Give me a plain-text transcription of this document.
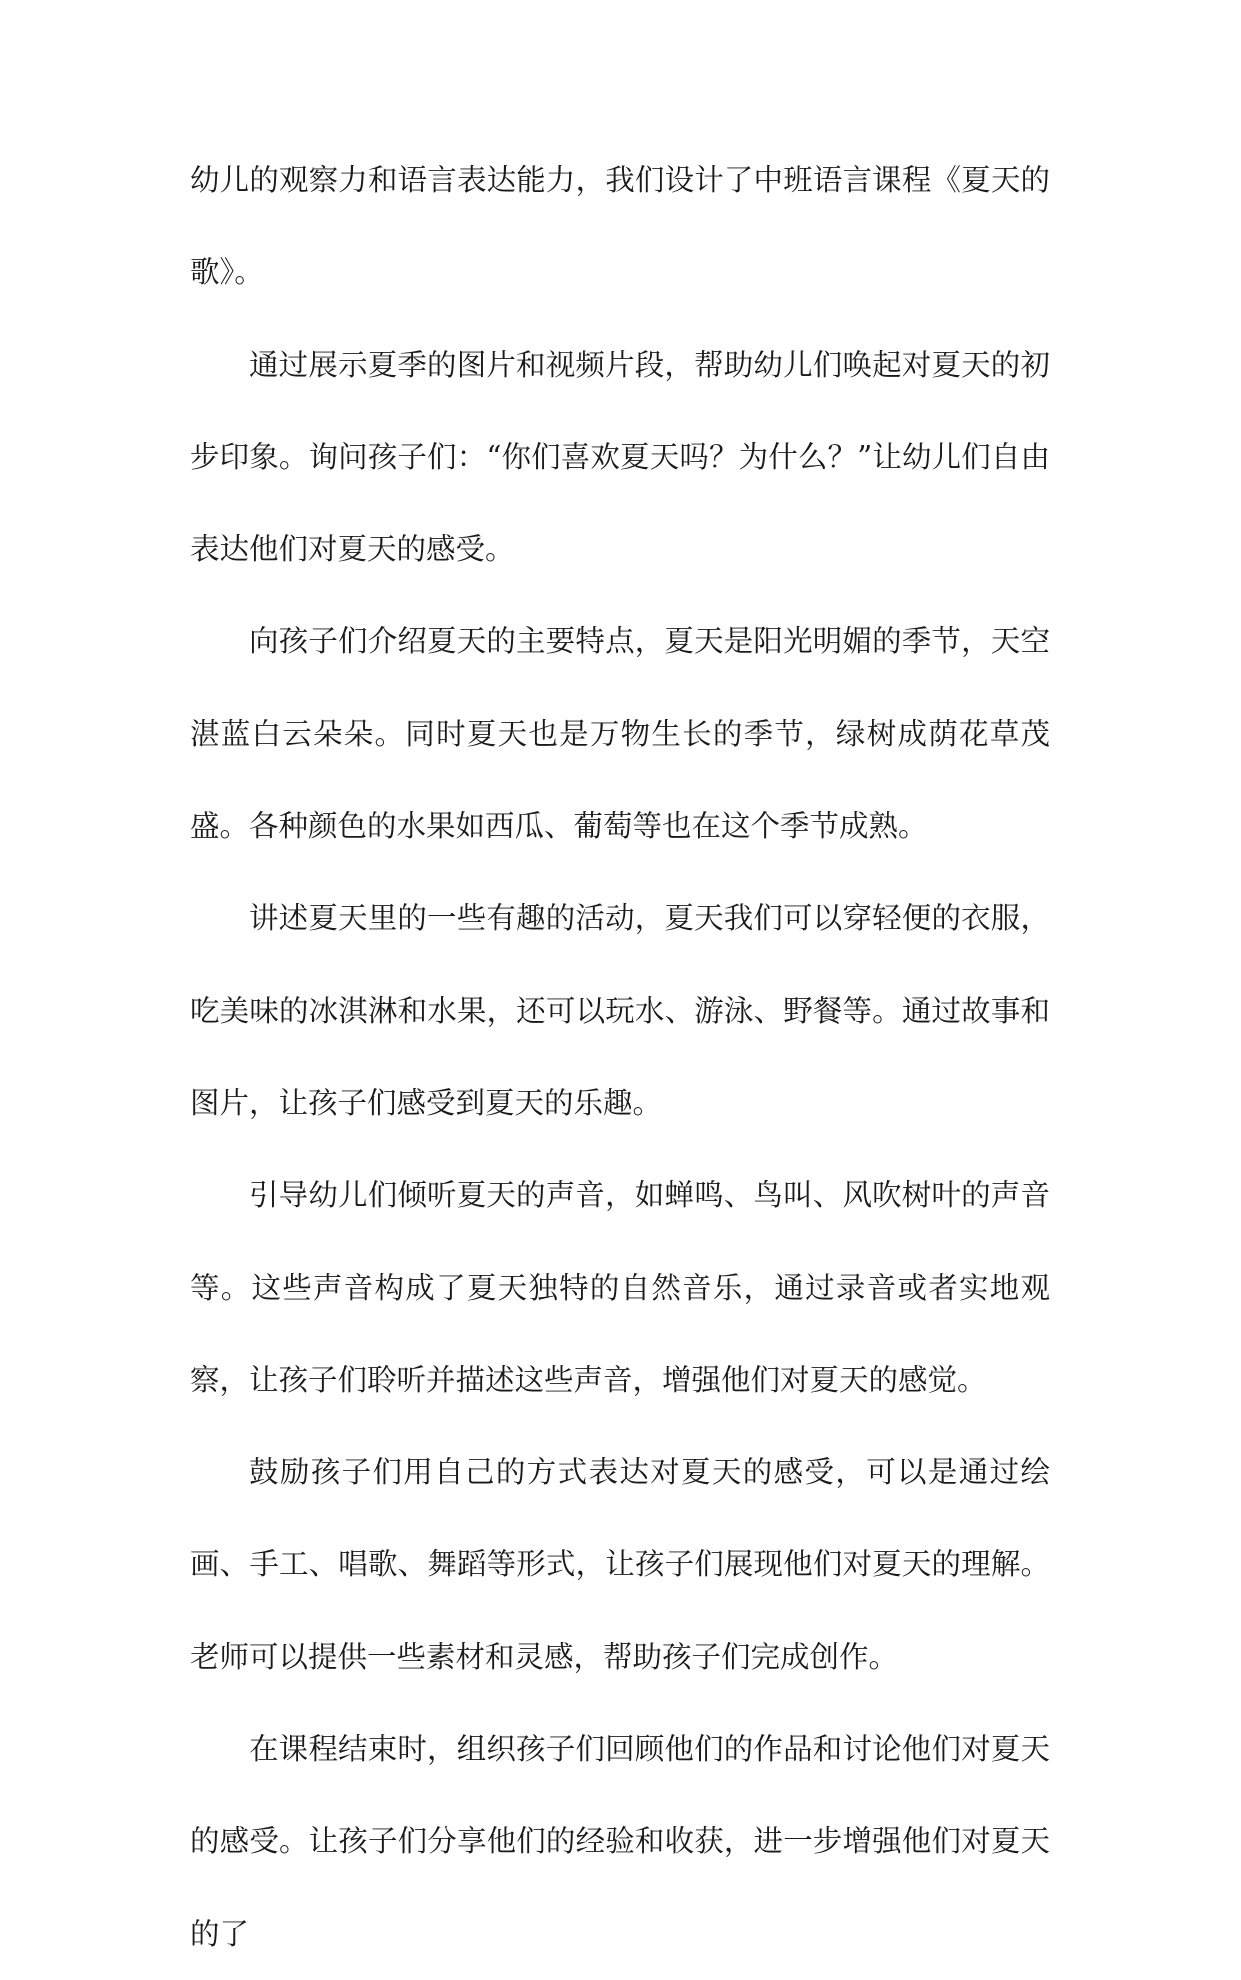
幼儿的观察力和语言表达能力，我们设计了中班语言课程《夏天的歌》。

通过展示夏季的图片和视频片段，帮助幼儿们唤起对夏天的初步印象。询问孩子们：“你们喜欢夏天吗？为什么？”让幼儿们自由表达他们对夏天的感受。

向孩子们介绍夏天的主要特点，夏天是阳光明媚的季节，天空湛蓝白云朵朵。同时夏天也是万物生长的季节，绿树成荫花草茂盛。各种颜色的水果如西瓜、葡萄等也在这个季节成熟。

讲述夏天里的一些有趣的活动，夏天我们可以穿轻便的衣服，吃美味的冰淇淋和水果，还可以玩水、游泳、野餐等。通过故事和图片，让孩子们感受到夏天的乐趣。

引导幼儿们倾听夏天的声音，如蝉鸣、鸟叫、风吹树叶的声音等。这些声音构成了夏天独特的自然音乐，通过录音或者实地观察，让孩子们聆听并描述这些声音，增强他们对夏天的感觉。

鼓励孩子们用自己的方式表达对夏天的感受，可以是通过绘画、手工、唱歌、舞蹈等形式，让孩子们展现他们对夏天的理解。老师可以提供一些素材和灵感，帮助孩子们完成创作。

在课程结束时，组织孩子们回顾他们的作品和讨论他们对夏天的感受。让孩子们分享他们的经验和收获，进一步增强他们对夏天的了
